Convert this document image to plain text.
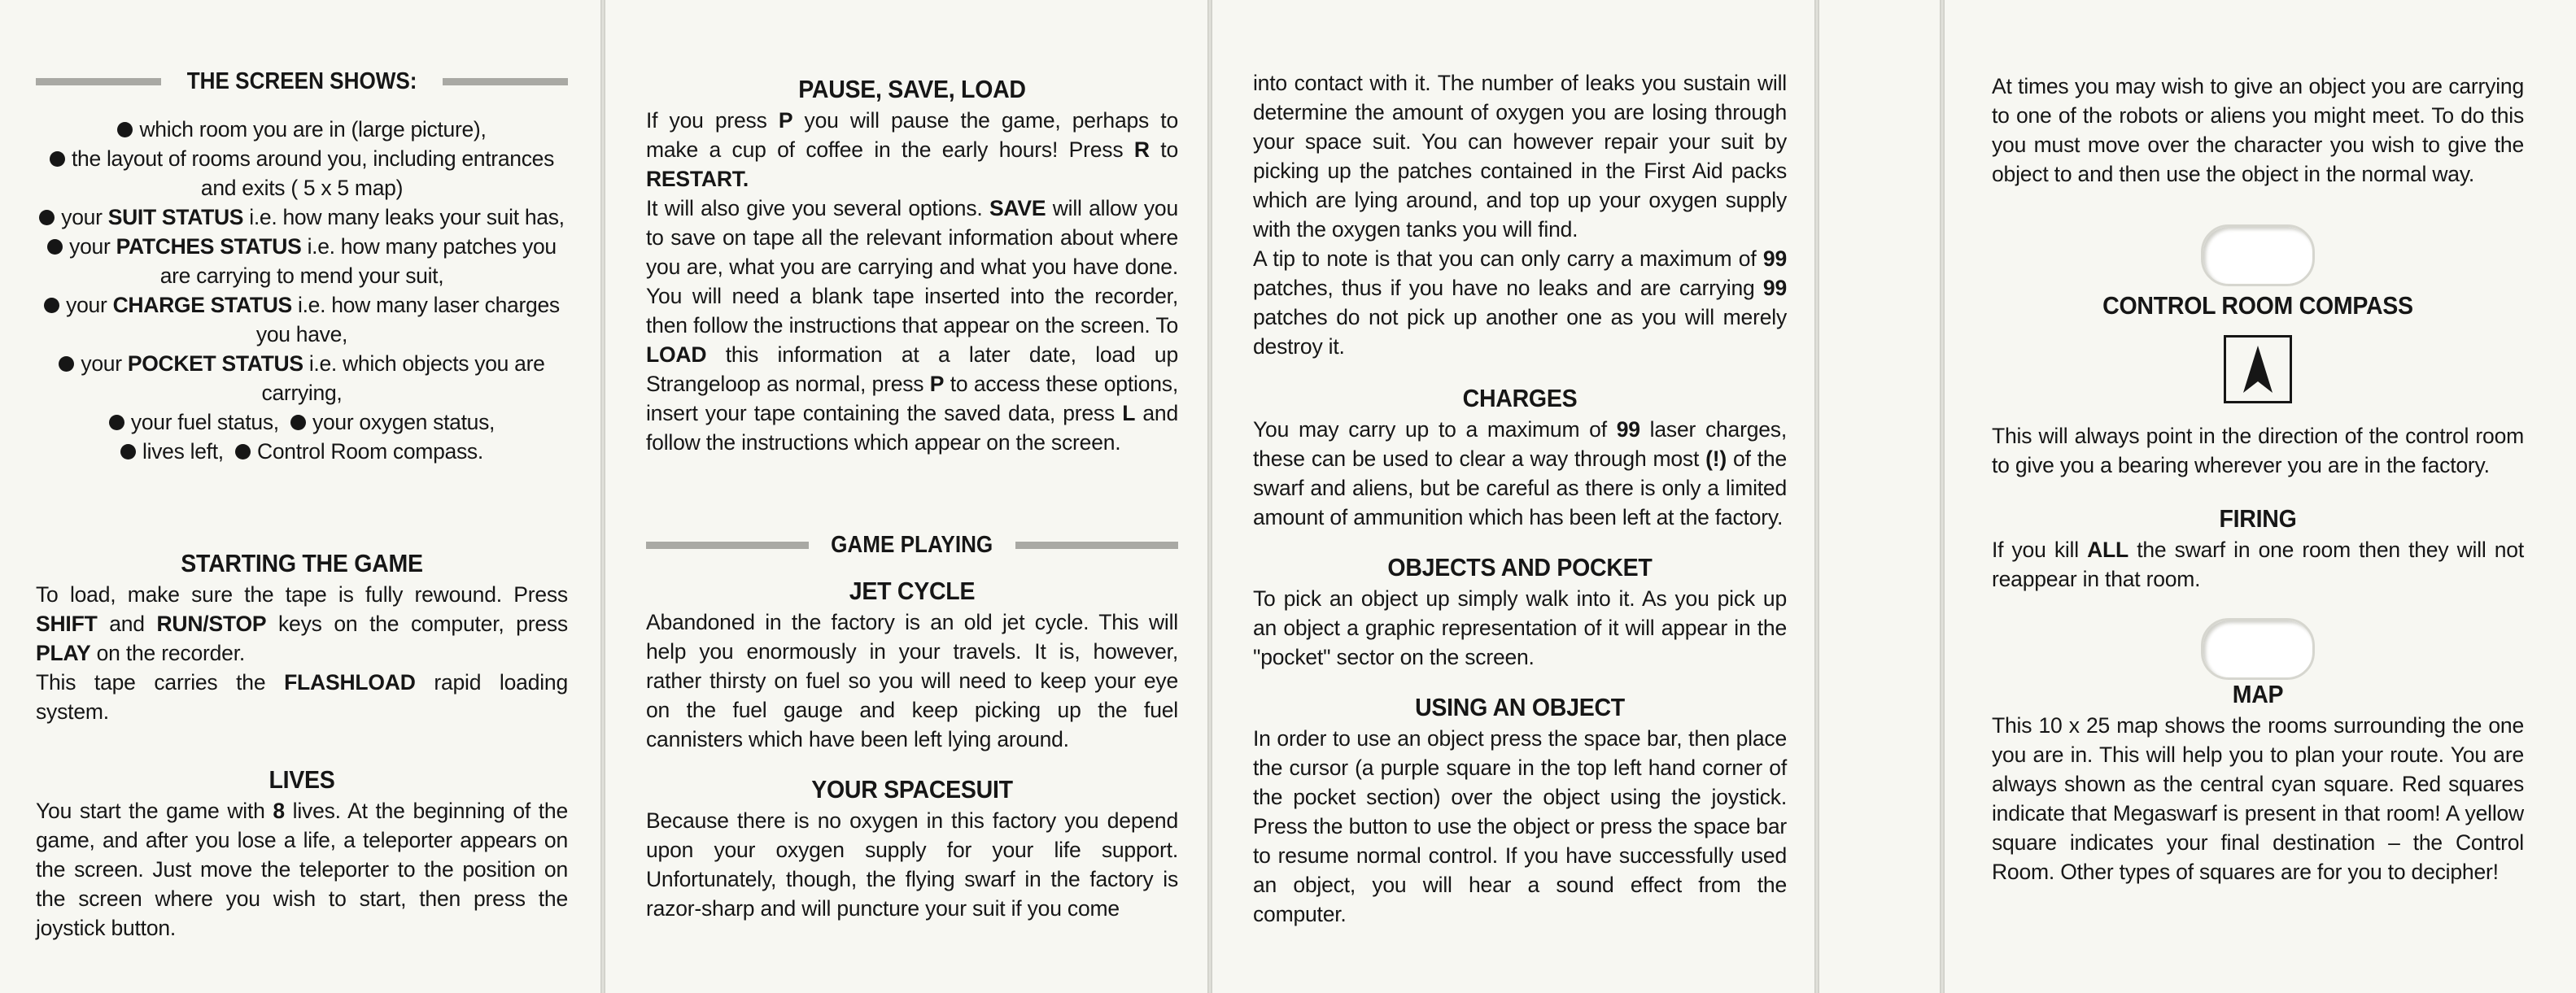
THE SCREEN SHOWS:
which room you are in (large picture),
the layout of rooms around you, including entrances and exits ( 5 x 5 map)
your SUIT STATUS i.e. how many leaks your suit has,
your PATCHES STATUS i.e. how many patches you are carrying to mend your suit,
your CHARGE STATUS i.e. how many laser charges you have,
your POCKET STATUS i.e. which objects you are carrying,
your fuel status, your oxygen status,
lives left, Control Room compass.
STARTING THE GAME

To load, make sure the tape is fully rewound. Press SHIFT and RUN/STOP keys on the computer, press PLAY on the recorder.

This tape carries the FLASHLOAD rapid loading system.

LIVES

You start the game with 8 lives. At the beginning of the game, and after you lose a life, a teleporter appears on the screen. Just move the teleporter to the position on the screen where you wish to start, then press the joystick button.

PAUSE, SAVE, LOAD

If you press P you will pause the game, perhaps to make a cup of coffee in the early hours! Press R to RESTART.

It will also give you several options. SAVE will allow you to save on tape all the relevant information about where you are, what you are carrying and what you have done. You will need a blank tape inserted into the recorder, then follow the instructions that appear on the screen. To LOAD this information at a later date, load up Strangeloop as normal, press P to access these options, insert your tape containing the saved data, press L and follow the instructions which appear on the screen.

GAME PLAYING
JET CYCLE

Abandoned in the factory is an old jet cycle. This will help you enormously in your travels. It is, however, rather thirsty on fuel so you will need to keep your eye on the fuel gauge and keep picking up the fuel cannisters which have been left lying around.

YOUR SPACESUIT

Because there is no oxygen in this factory you depend upon your oxygen supply for your life support. Unfortunately, though, the flying swarf in the factory is razor-sharp and will puncture your suit if you come

into contact with it. The number of leaks you sustain will determine the amount of oxygen you are losing through your space suit. You can however repair your suit by picking up the patches contained in the First Aid packs which are lying around, and top up your oxygen supply with the oxygen tanks you will find.

A tip to note is that you can only carry a maximum of 99 patches, thus if you have no leaks and are carrying 99 patches do not pick up another one as you will merely destroy it.

CHARGES

You may carry up to a maximum of 99 laser charges, these can be used to clear a way through most (!) of the swarf and aliens, but be careful as there is only a limited amount of ammunition which has been left at the factory.

OBJECTS AND POCKET

To pick an object up simply walk into it. As you pick up an object a graphic representation of it will appear in the "pocket" sector on the screen.

USING AN OBJECT

In order to use an object press the space bar, then place the cursor (a purple square in the top left hand corner of the pocket section) over the object using the joystick. Press the button to use the object or press the space bar to resume normal control. If you have successfully used an object, you will hear a sound effect from the computer.

At times you may wish to give an object you are carrying to one of the robots or aliens you might meet. To do this you must move over the character you wish to give the object to and then use the object in the normal way.

CONTROL ROOM COMPASS

This will always point in the direction of the control room to give you a bearing wherever you are in the factory.

FIRING

If you kill ALL the swarf in one room then they will not reappear in that room.

MAP

This 10 x 25 map shows the rooms surrounding the one you are in. This will help you to plan your route. You are always shown as the central cyan square. Red squares indicate that Megaswarf is present in that room! A yellow square indicates your final destination – the Control Room. Other types of squares are for you to decipher!
